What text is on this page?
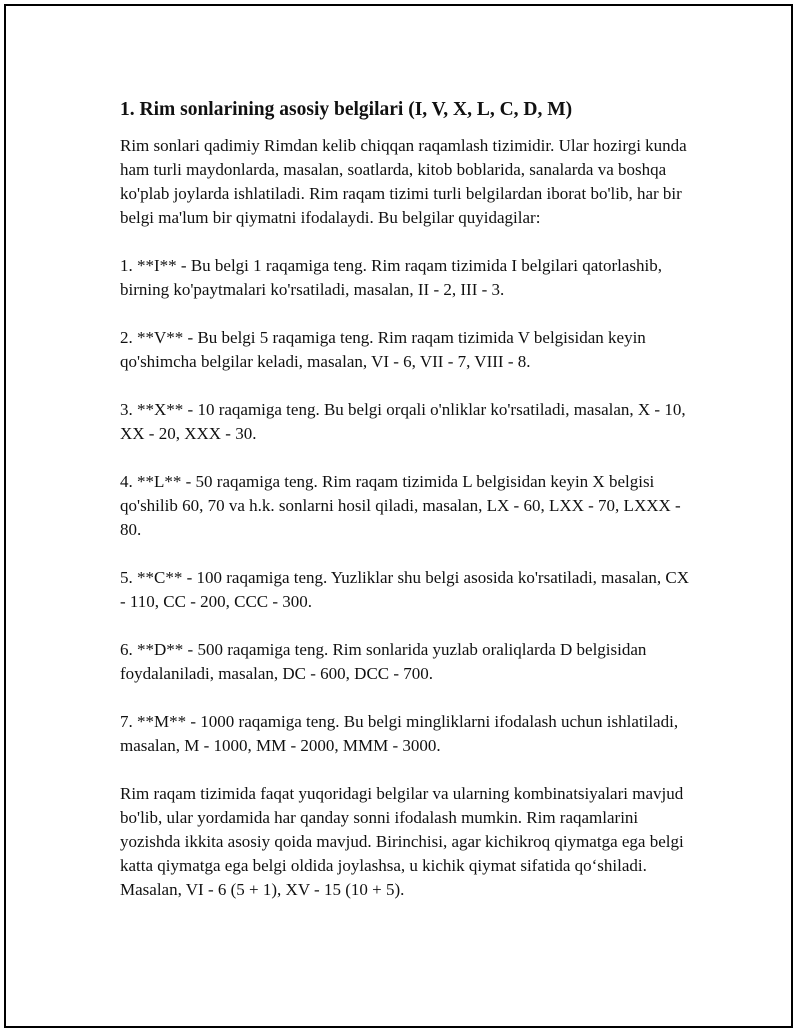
1. Rim sonlarining asosiy belgilari (I, V, X, L, C, D, M)

Rim sonlari qadimiy Rimdan kelib chiqqan raqamlash tizimidir. Ular hozirgi kunda ham turli maydonlarda, masalan, soatlarda, kitob boblarida, sanalarda va boshqa ko'plab joylarda ishlatiladi. Rim raqam tizimi turli belgilardan iborat bo'lib, har bir belgi ma'lum bir qiymatni ifodalaydi. Bu belgilar quyidagilar:

1. **I** - Bu belgi 1 raqamiga teng. Rim raqam tizimida I belgilari qatorlashib, birning ko'paytmalari ko'rsatiladi, masalan, II - 2, III - 3.

2. **V** - Bu belgi 5 raqamiga teng. Rim raqam tizimida V belgisidan keyin qo'shimcha belgilar keladi, masalan, VI - 6, VII - 7, VIII - 8.

3. **X** - 10 raqamiga teng. Bu belgi orqali o'nliklar ko'rsatiladi, masalan, X - 10, XX - 20, XXX - 30.

4. **L** - 50 raqamiga teng. Rim raqam tizimida L belgisidan keyin X belgisi qo'shilib 60, 70 va h.k. sonlarni hosil qiladi, masalan, LX - 60, LXX - 70, LXXX - 80.

5. **C** - 100 raqamiga teng. Yuzliklar shu belgi asosida ko'rsatiladi, masalan, CX - 110, CC - 200, CCC - 300.

6. **D** - 500 raqamiga teng. Rim sonlarida yuzlab oraliqlarda D belgisidan foydalaniladi, masalan, DC - 600, DCC - 700.

7. **M** - 1000 raqamiga teng. Bu belgi mingliklarni ifodalash uchun ishlatiladi, masalan, M - 1000, MM - 2000, MMM - 3000.

Rim raqam tizimida faqat yuqoridagi belgilar va ularning kombinatsiyalari mavjud bo'lib, ular yordamida har qanday sonni ifodalash mumkin. Rim raqamlarini yozishda ikkita asosiy qoida mavjud. Birinchisi, agar kichikroq qiymatga ega belgi katta qiymatga ega belgi oldida joylashsa, u kichik qiymat sifatida qo‘shiladi. Masalan, VI - 6 (5 + 1), XV - 15 (10 + 5).
